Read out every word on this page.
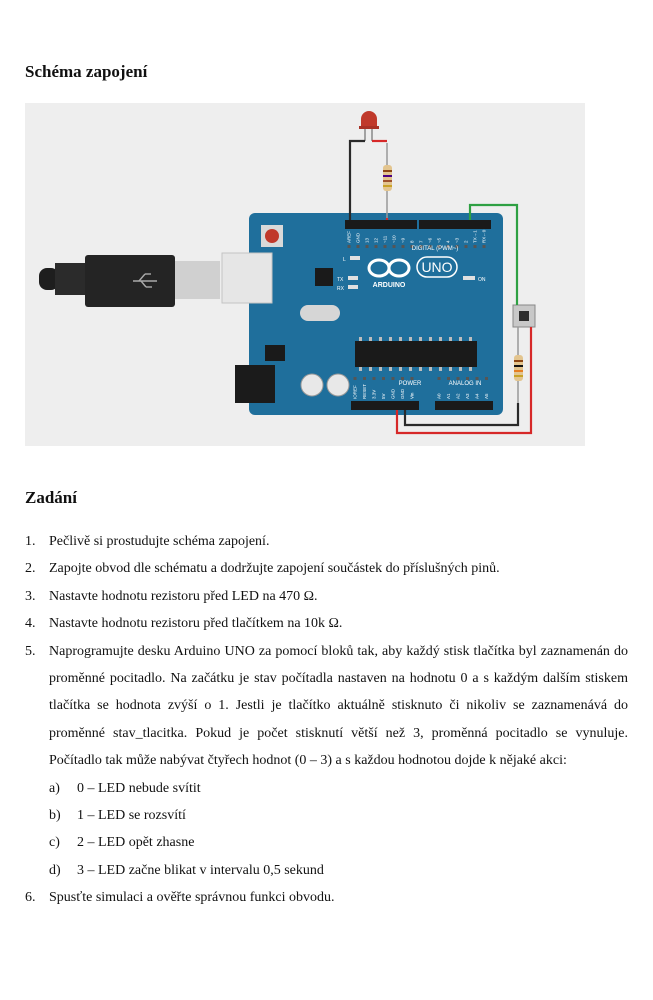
Schéma zapojení
AREF GND 13 12 ~11 ~10 ~9 8 7 ~6 ~5 4 ~3 2 TX→1 RX←0
IOREF RESET 3.3V 5V GND GND Vin	A0 A1 A2 A3 A4 A5
UNO
ARDUINO
DIGITAL (PWM~)
L
TX
RX
ON
POWER	ANALOG IN
Zadání
1. Pečlivě si prostudujte schéma zapojení.
2. Zapojte obvod dle schématu a dodržujte zapojení součástek do příslušných pinů.
3. Nastavte hodnotu rezistoru před LED na 470 Ω.
4. Nastavte hodnotu rezistoru před tlačítkem na 10k Ω.
5. Naprogramujte desku Arduino UNO za pomocí bloků tak, aby každý stisk tlačítka byl zaznamenán do proměnné pocitadlo. Na začátku je stav počítadla nastaven na hodnotu 0 a s každým dalším stiskem tlačítka se hodnota zvýší o 1. Jestli je tlačítko aktuálně stisknuto či nikoliv se zaznamenává do proměnné stav_tlacitka. Pokud je počet stisknutí větší než 3, proměnná pocitadlo se vynuluje. Počítadlo tak může nabývat čtyřech hodnot (0 – 3) a s každou hodnotou dojde k nějaké akci:
a) 0 – LED nebude svítit
b) 1 – LED se rozsvítí
c) 2 – LED opět zhasne
d) 3 – LED začne blikat v intervalu 0,5 sekund
6. Spusťte simulaci a ověřte správnou funkci obvodu.
